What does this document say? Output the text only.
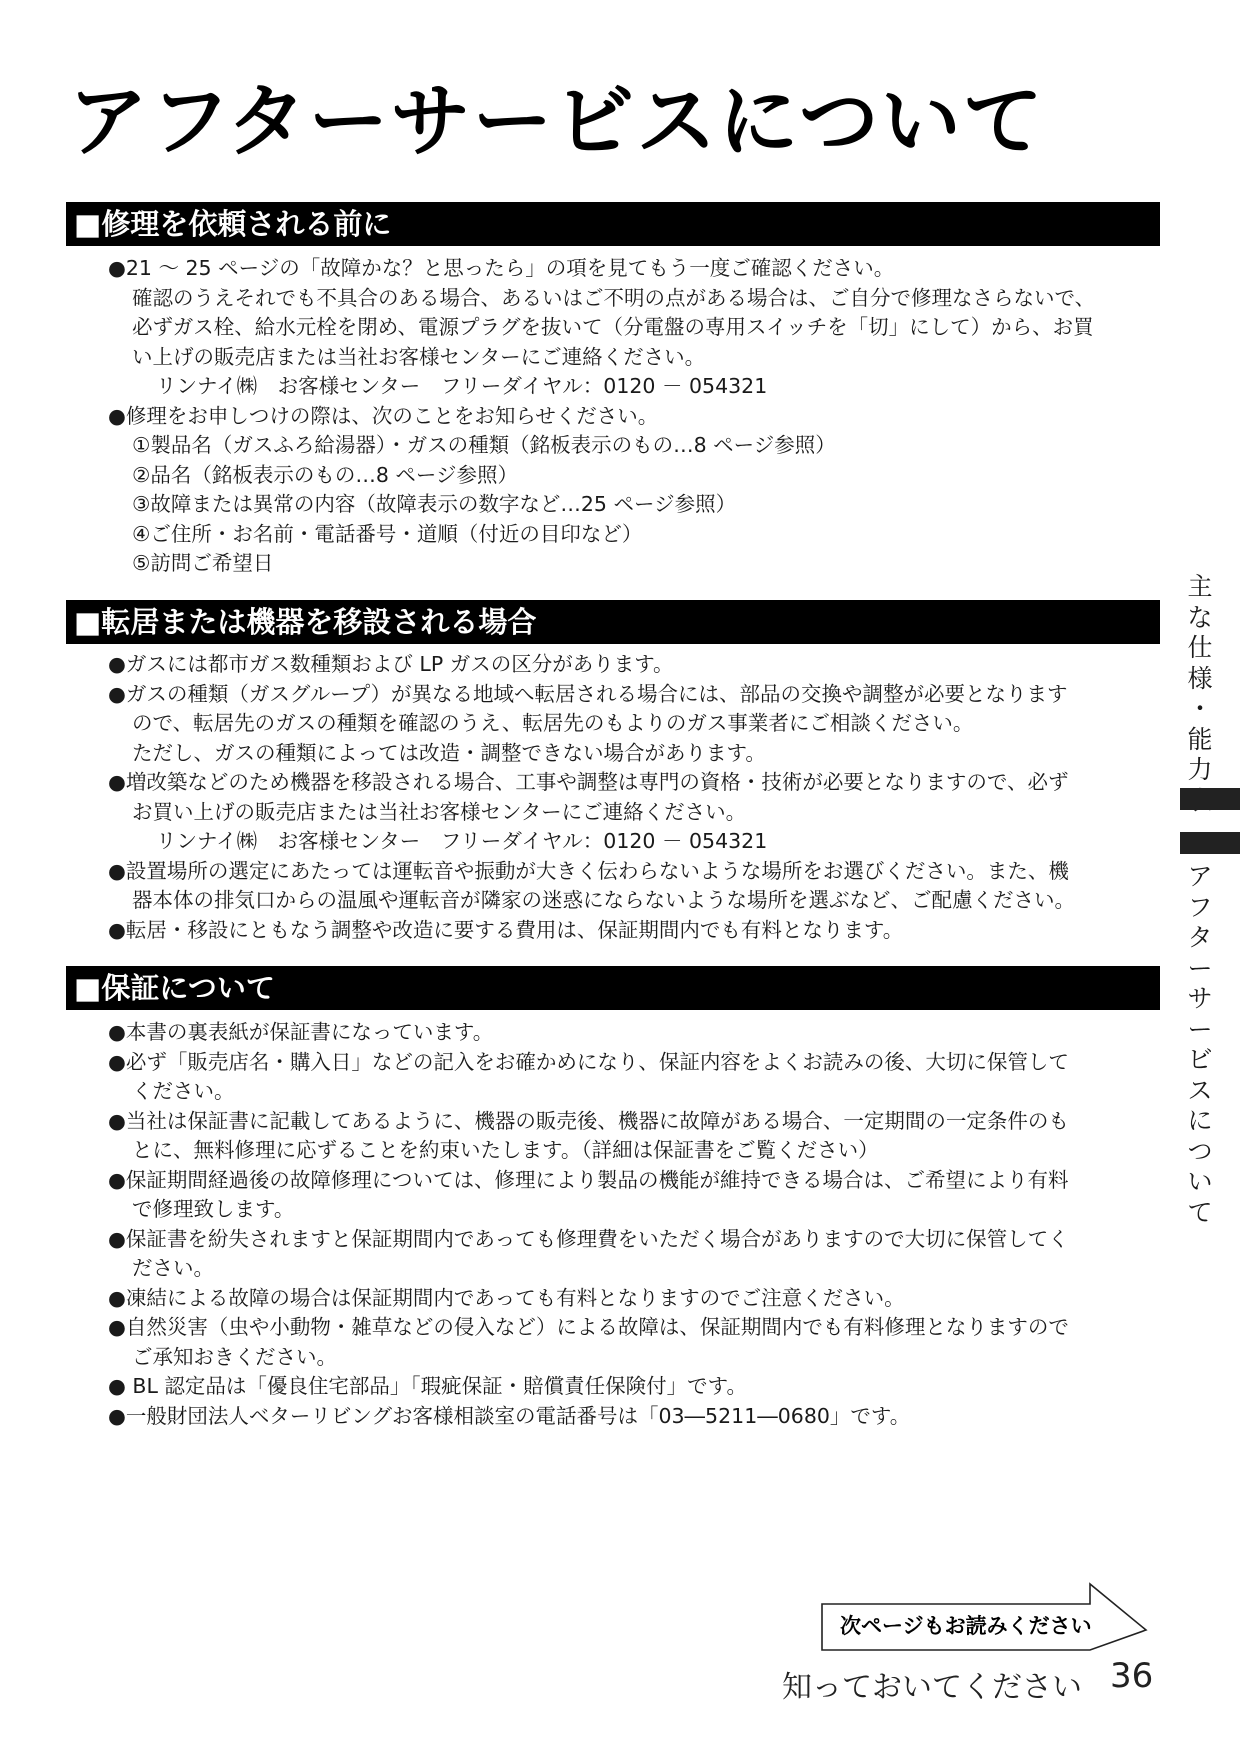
アフターサービスについて
■修理を依頼される前に
●21 ～ 25 ページの「故障かな？と思ったら」の項を見てもう一度ご確認ください。
確認のうえそれでも不具合のある場合、あるいはご不明の点がある場合は、ご自分で修理なさらないで、
必ずガス栓、給水元栓を閉め、電源プラグを抜いて（分電盤の専用スイッチを「切」にして）から、お買
い上げの販売店または当社お客様センターにご連絡ください。
リンナイ㈱　お客様センター　フリーダイヤル：0120 － 054321
●修理をお申しつけの際は、次のことをお知らせください。
①製品名（ガスふろ給湯器）・ガスの種類（銘板表示のもの…8 ページ参照）
②品名（銘板表示のもの…8 ページ参照）
③故障または異常の内容（故障表示の数字など…25 ページ参照）
④ご住所・お名前・電話番号・道順（付近の目印など）
⑤訪問ご希望日
■転居または機器を移設される場合
●ガスには都市ガス数種類および LP ガスの区分があります。
●ガスの種類（ガスグループ）が異なる地域へ転居される場合には、部品の交換や調整が必要となります
ので、転居先のガスの種類を確認のうえ、転居先のもよりのガス事業者にご相談ください。
ただし、ガスの種類によっては改造・調整できない場合があります。
●増改築などのため機器を移設される場合、工事や調整は専門の資格・技術が必要となりますので、必ず
お買い上げの販売店または当社お客様センターにご連絡ください。
リンナイ㈱　お客様センター　フリーダイヤル：0120 － 054321
●設置場所の選定にあたっては運転音や振動が大きく伝わらないような場所をお選びください。また、機
器本体の排気口からの温風や運転音が隣家の迷惑にならないような場所を選ぶなど、ご配慮ください。
●転居・移設にともなう調整や改造に要する費用は、保証期間内でも有料となります。
■保証について
●本書の裏表紙が保証書になっています。
●必ず「販売店名・購入日」などの記入をお確かめになり、保証内容をよくお読みの後、大切に保管して
ください。
●当社は保証書に記載してあるように、機器の販売後、機器に故障がある場合、一定期間の一定条件のも
とに、無料修理に応ずることを約束いたします。（詳細は保証書をご覧ください）
●保証期間経過後の故障修理については、修理により製品の機能が維持できる場合は、ご希望により有料
で修理致します。
●保証書を紛失されますと保証期間内であっても修理費をいただく場合がありますので大切に保管してく
ださい。
●凍結による故障の場合は保証期間内であっても有料となりますのでご注意ください。
●自然災害（虫や小動物・雑草などの侵入など）による故障は、保証期間内でも有料修理となりますので
ご承知おきください。
● BL 認定品は「優良住宅部品」「瑕疵保証・賠償責任保険付」です。
●一般財団法人ベターリビングお客様相談室の電話番号は「03―5211―0680」です。
主
な
仕
様
・
能
力
ア
フ
タ
ー
サ
ー
ビ
ス
に
つ
い
て
次ページもお読みください
知っておいてください 36
